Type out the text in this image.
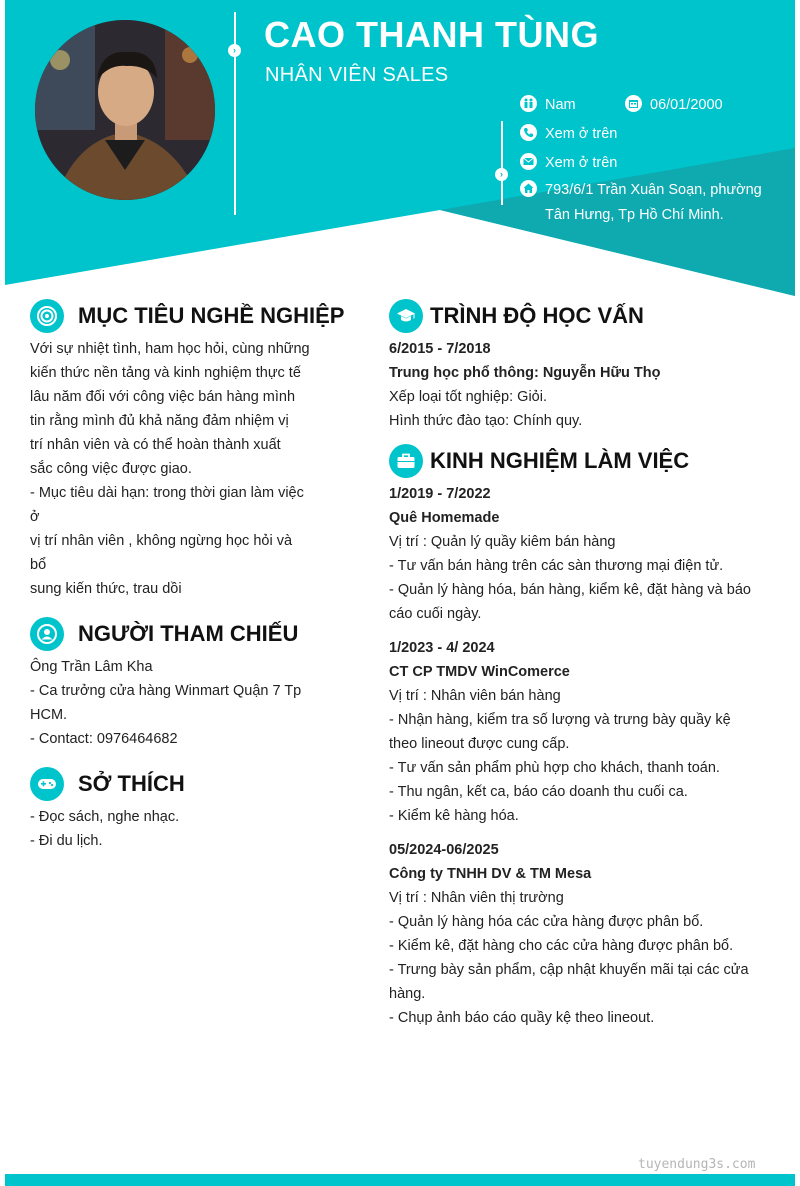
› CAO THANH TÙNG
NHÂN VIÊN SALES
Nam	06/01/2000
›
Xem ở trên
Xem ở trên
793/6/1 Trần Xuân Soạn, phường
Tân Hưng, Tp Hồ Chí Minh.
MỤC TIÊU NGHỀ NGHIỆP

Với sự nhiệt tình, ham học hỏi, cùng những

kiến thức nền tảng và kinh nghiệm thực tế

lâu năm đối với công việc bán hàng mình

tin rằng mình đủ khả năng đảm nhiệm vị

trí nhân viên và có thể hoàn thành xuất

sắc công việc được giao.

- Mục tiêu dài hạn: trong thời gian làm việc

ở

vị trí nhân viên , không ngừng học hỏi và

bổ

sung kiến thức, trau dồi

NGƯỜI THAM CHIẾU

Ông Trần Lâm Kha

- Ca trưởng cửa hàng Winmart Quận 7 Tp

HCM.

- Contact: 0976464682

SỞ THÍCH

- Đọc sách, nghe nhạc.

- Đi du lịch.

TRÌNH ĐỘ HỌC VẤN

6/2015 - 7/2018

Trung học phổ thông: Nguyễn Hữu Thọ

Xếp loại tốt nghiệp: Giỏi.

Hình thức đào tạo: Chính quy.

KINH NGHIỆM LÀM VIỆC

1/2019 - 7/2022

Quê Homemade

Vị trí : Quản lý quầy kiêm bán hàng

- Tư vấn bán hàng trên các sàn thương mại điện tử.

- Quản lý hàng hóa, bán hàng, kiểm kê, đặt hàng và báo

cáo cuối ngày.

1/2023 - 4/ 2024

CT CP TMDV WinComerce

Vị trí : Nhân viên bán hàng

- Nhận hàng, kiểm tra số lượng và trưng bày quầy kệ

theo lineout được cung cấp.

- Tư vấn sản phẩm phù hợp cho khách, thanh toán.

- Thu ngân, kết ca, báo cáo doanh thu cuối ca.

- Kiểm kê hàng hóa.

05/2024-06/2025

Công ty TNHH DV & TM Mesa

Vị trí : Nhân viên thị trường

- Quản lý hàng hóa các cửa hàng được phân bổ.

- Kiểm kê, đặt hàng cho các cửa hàng được phân bổ.

- Trưng bày sản phẩm, cập nhật khuyến mãi tại các cửa

hàng.

- Chụp ảnh báo cáo quầy kệ theo lineout.

tuyendung3s.com
